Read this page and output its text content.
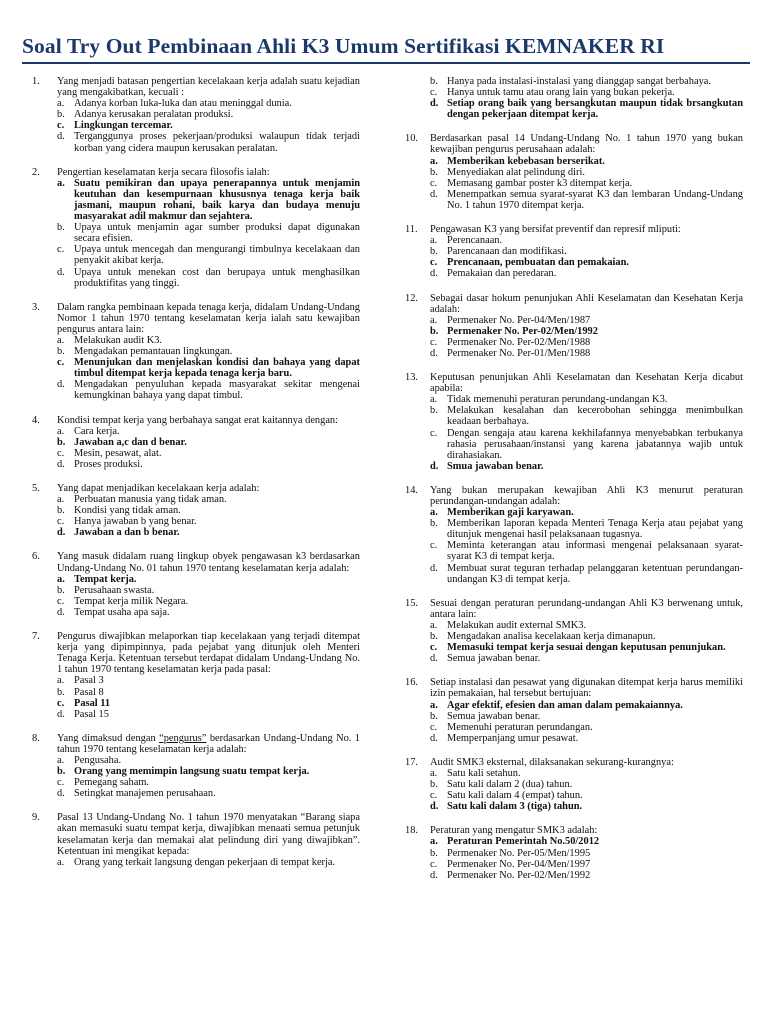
Soal Try Out Pembinaan Ahli K3 Umum Sertifikasi KEMNAKER RI
1.	Yang menjadi batasan pengertian kecelakaan kerja adalah suatu kejadian yang mengakibatkan, kecuali :
a. Adanya korban luka-luka dan atau meninggal dunia.
b. Adanya kerusakan peralatan produksi.
c. Lingkungan tercemar.
d. Terganggunya proses pekerjaan/produksi walaupun tidak terjadi korban yang cidera maupun kerusakan peralatan.
2.	Pengertian keselamatan kerja secara filosofis ialah:
a. Suatu pemikiran dan upaya penerapannya untuk menjamin keutuhan dan kesempurnaan khususnya tenaga kerja baik jasmani, maupun rohani, baik karya dan budaya menuju masyarakat adil makmur dan sejahtera.
b. Upaya untuk menjamin agar sumber produksi dapat digunakan secara efisien.
c. Upaya untuk mencegah dan mengurangi timbulnya kecelakaan dan penyakit akibat kerja.
d. Upaya untuk menekan cost dan berupaya untuk menghasilkan produktifitas yang tinggi.
3.	Dalam rangka pembinaan kepada tenaga kerja, didalam Undang-Undang Nomor 1 tahun 1970 tentang keselamatan kerja ialah satu kewajiban pengurus antara lain:
a. Melakukan audit K3.
b. Mengadakan pemantauan lingkungan.
c. Menunjukan dan menjelaskan kondisi dan bahaya yang dapat timbul ditempat kerja kepada tenaga kerja baru.
d. Mengadakan penyuluhan kepada masyarakat sekitar mengenai kemungkinan bahaya yang dapat timbul.
4.	Kondisi tempat kerja yang berbahaya sangat erat kaitannya dengan:
a. Cara kerja.
b. Jawaban a,c dan d benar.
c. Mesin, pesawat, alat.
d. Proses produksi.
5.	Yang dapat menjadikan kecelakaan kerja adalah:
a. Perbuatan manusia yang tidak aman.
b. Kondisi yang tidak aman.
c. Hanya jawaban b yang benar.
d. Jawaban a dan b benar.
6.	Yang masuk didalam ruang lingkup obyek pengawasan k3 berdasarkan Undang-Undang No. 01 tahun 1970 tentang keselamatan kerja adalah:
a. Tempat kerja.
b. Perusahaan swasta.
c. Tempat kerja milik Negara.
d. Tempat usaha apa saja.
7.	Pengurus diwajibkan melaporkan tiap kecelakaan yang terjadi ditempat kerja yang dipimpinnya, pada pejabat yang ditunjuk oleh Menteri Tenaga Kerja. Ketentuan tersebut terdapat didalam Undang-Undang No. 1 tahun 1970 tentang keselamatan kerja pada pasal:
a. Pasal 3
b. Pasal 8
c. Pasal 11
d. Pasal 15
8.	Yang dimaksud dengan “pengurus” berdasarkan Undang-Undang No. 1 tahun 1970 tentang keselamatan kerja adalah:
a. Pengusaha.
b. Orang yang memimpin langsung suatu tempat kerja.
c. Pemegang saham.
d. Setingkat manajemen perusahaan.
9.	Pasal 13 Undang-Undang No. 1 tahun 1970 menyatakan “Barang siapa akan memasuki suatu tempat kerja, diwajibkan menaati semua petunjuk keselamatan kerja dan memakai alat pelindung diri yang diwajibkan”. Ketentuan ini mengikat kepada:
a. Orang yang terkait langsung dengan pekerjaan di tempat kerja.
b. Hanya pada instalasi-instalasi yang dianggap sangat berbahaya.
c. Hanya untuk tamu atau orang lain yang bukan pekerja.
d. Setiap orang baik yang bersangkutan maupun tidak brsangkutan dengan pekerjaan ditempat kerja.
10.	Berdasarkan pasal 14 Undang-Undang No. 1 tahun 1970 yang bukan kewajiban pengurus perusahaan adalah:
a. Memberikan kebebasan berserikat.
b. Menyediakan alat pelindung diri.
c. Memasang gambar poster k3 ditempat kerja.
d. Menempatkan semua syarat-syarat K3 dan lembaran Undang-Undang No. 1 tahun 1970 ditempat kerja.
11.	Pengawasan K3 yang bersifat preventif dan represif mliputi:
a. Perencanaan.
b. Parencanaan dan modifikasi.
c. Prencanaan, pembuatan dan pemakaian.
d. Pemakaian dan peredaran.
12.	Sebagai dasar hokum penunjukan Ahli Keselamatan dan Kesehatan Kerja adalah:
a. Permenaker No. Per-04/Men/1987
b. Permenaker No. Per-02/Men/1992
c. Permenaker No. Per-02/Men/1988
d. Permenaker No. Per-01/Men/1988
13.	Keputusan penunjukan Ahli Keselamatan dan Kesehatan Kerja dicabut apabila:
a. Tidak memenuhi peraturan perundang-undangan K3.
b. Melakukan kesalahan dan kecerobohan sehingga menimbulkan keadaan berbahaya.
c. Dengan sengaja atau karena kekhilafannya menyebabkan terbukanya rahasia perusahaan/instansi yang karena jabatannya wajib untuk dirahasiakan.
d. Smua jawaban benar.
14.	Yang bukan merupakan kewajiban Ahli K3 menurut peraturan perundangan-undangan adalah:
a. Memberikan gaji karyawan.
b. Memberikan laporan kepada Menteri Tenaga Kerja atau pejabat yang ditunjuk mengenai hasil pelaksanaan tugasnya.
c. Meminta keterangan atau informasi mengenai pelaksanaan syarat-syarat K3 di tempat kerja.
d. Membuat surat teguran terhadap pelanggaran ketentuan perundangan-undangan K3 di tempat kerja.
15.	Sesuai dengan peraturan perundang-undangan Ahli K3 berwenang untuk, antara lain:
a. Melakukan audit external SMK3.
b. Mengadakan analisa kecelakaan kerja dimanapun.
c. Memasuki tempat kerja sesuai dengan keputusan penunjukan.
d. Semua jawaban benar.
16.	Setiap instalasi dan pesawat yang digunakan ditempat kerja harus memiliki izin pemakaian, hal tersebut bertujuan:
a. Agar efektif, efesien dan aman dalam pemakaiannya.
b. Semua jawaban benar.
c. Memenuhi peraturan perundangan.
d. Memperpanjang umur pesawat.
17.	Audit SMK3 eksternal, dilaksanakan sekurang-kurangnya:
a. Satu kali setahun.
b. Satu kali dalam 2 (dua) tahun.
c. Satu kali dalam 4 (empat) tahun.
d. Satu kali dalam 3 (tiga) tahun.
18.	Peraturan yang mengatur SMK3 adalah:
a. Peraturan Pemerintah No.50/2012
b. Permenaker No. Per-05/Men/1995
c. Permenaker No. Per-04/Men/1997
d. Permenaker No. Per-02/Men/1992
